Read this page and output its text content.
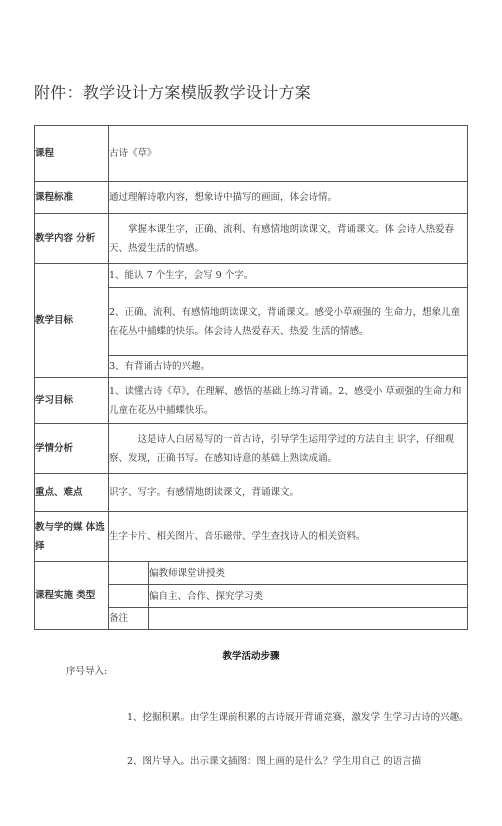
附件：教学设计方案模版教学设计方案
课程	古诗《草》	
课程标准	通过理解诗歌内容，想象诗中描写的画面，体会诗情。	
教学内容 分析	掌握本课生字，正确、流利、有感情地朗读课文，背诵课文。体 会诗人热爱春天、热爱生活的情感。	
教学目标	1、能认 7 个生字，会写 9 个字。	
	2、正确、流利、有感情地朗读课文，背诵课文。感受小草顽强的 生命力，想象儿童在花丛中捕蝶的快乐。体会诗人热爱春天、热爱 生活的情感。	
	3、有背诵古诗的兴趣。	
学习目标	1、读懂古诗《草》，在理解、感悟的基础上练习背诵。2、感受小 草顽强的生命力和儿童在花丛中捕蝶快乐。	
学情分析	这是诗人白居易写的一首古诗，引导学生运用学过的方法自主 识字，仔细观察、发现，正确书写。在感知诗意的基础上熟读成诵。	
重点、难点	识字、写字。有感情地朗读课文，背诵课文。	
教与学的媒 体选择	生字卡片、相关图片、音乐磁带、学生查找诗人的相关资料。	
课程实施 类型		偏教师课堂讲授类
		偏自主、合作、探究学习类
	备注	
教学活动步骤
序号导入:
1、挖掘积累。由学生课前积累的古诗展开背诵竞赛，激发学 生学习古诗的兴趣。
2、图片导入。出示课文插图：图上画的是什么？学生用自己 的语言描
